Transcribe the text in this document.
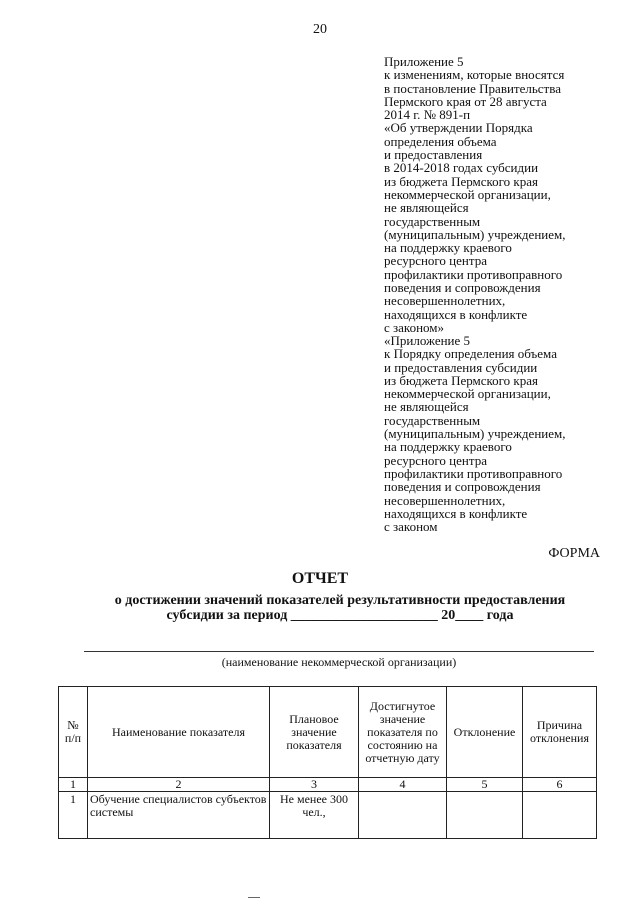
20
Приложение 5
к изменениям, которые вносятся
в постановление Правительства
Пермского края от 28 августа
2014 г. № 891-п
«Об утверждении Порядка
определения объема
и предоставления
в 2014-2018 годах субсидии
из бюджета Пермского края
некоммерческой организации,
не являющейся
государственным
(муниципальным) учреждением,
на поддержку краевого
ресурсного центра
профилактики противоправного
поведения и сопровождения
несовершеннолетних,
находящихся в конфликте
с законом»
«Приложение 5
к Порядку определения объема
и предоставления субсидии
из бюджета Пермского края
некоммерческой организации,
не являющейся
государственным
(муниципальным) учреждением,
на поддержку краевого
ресурсного центра
профилактики противоправного
поведения и сопровождения
несовершеннолетних,
находящихся в конфликте
с законом
ФОРМА
ОТЧЕТ
о достижении значений показателей результативности предоставления
субсидии за период _____________________ 20____ года
(наименование некоммерческой организации)
№ п/п	Наименование показателя	Плановое значение показателя	Достигнутое значение показателя по состоянию на отчетную дату	Отклонение	Причина отклонения
1	2	3	4	5	6
1	Обучение специалистов субъектов системы	Не менее 300 чел.,			
